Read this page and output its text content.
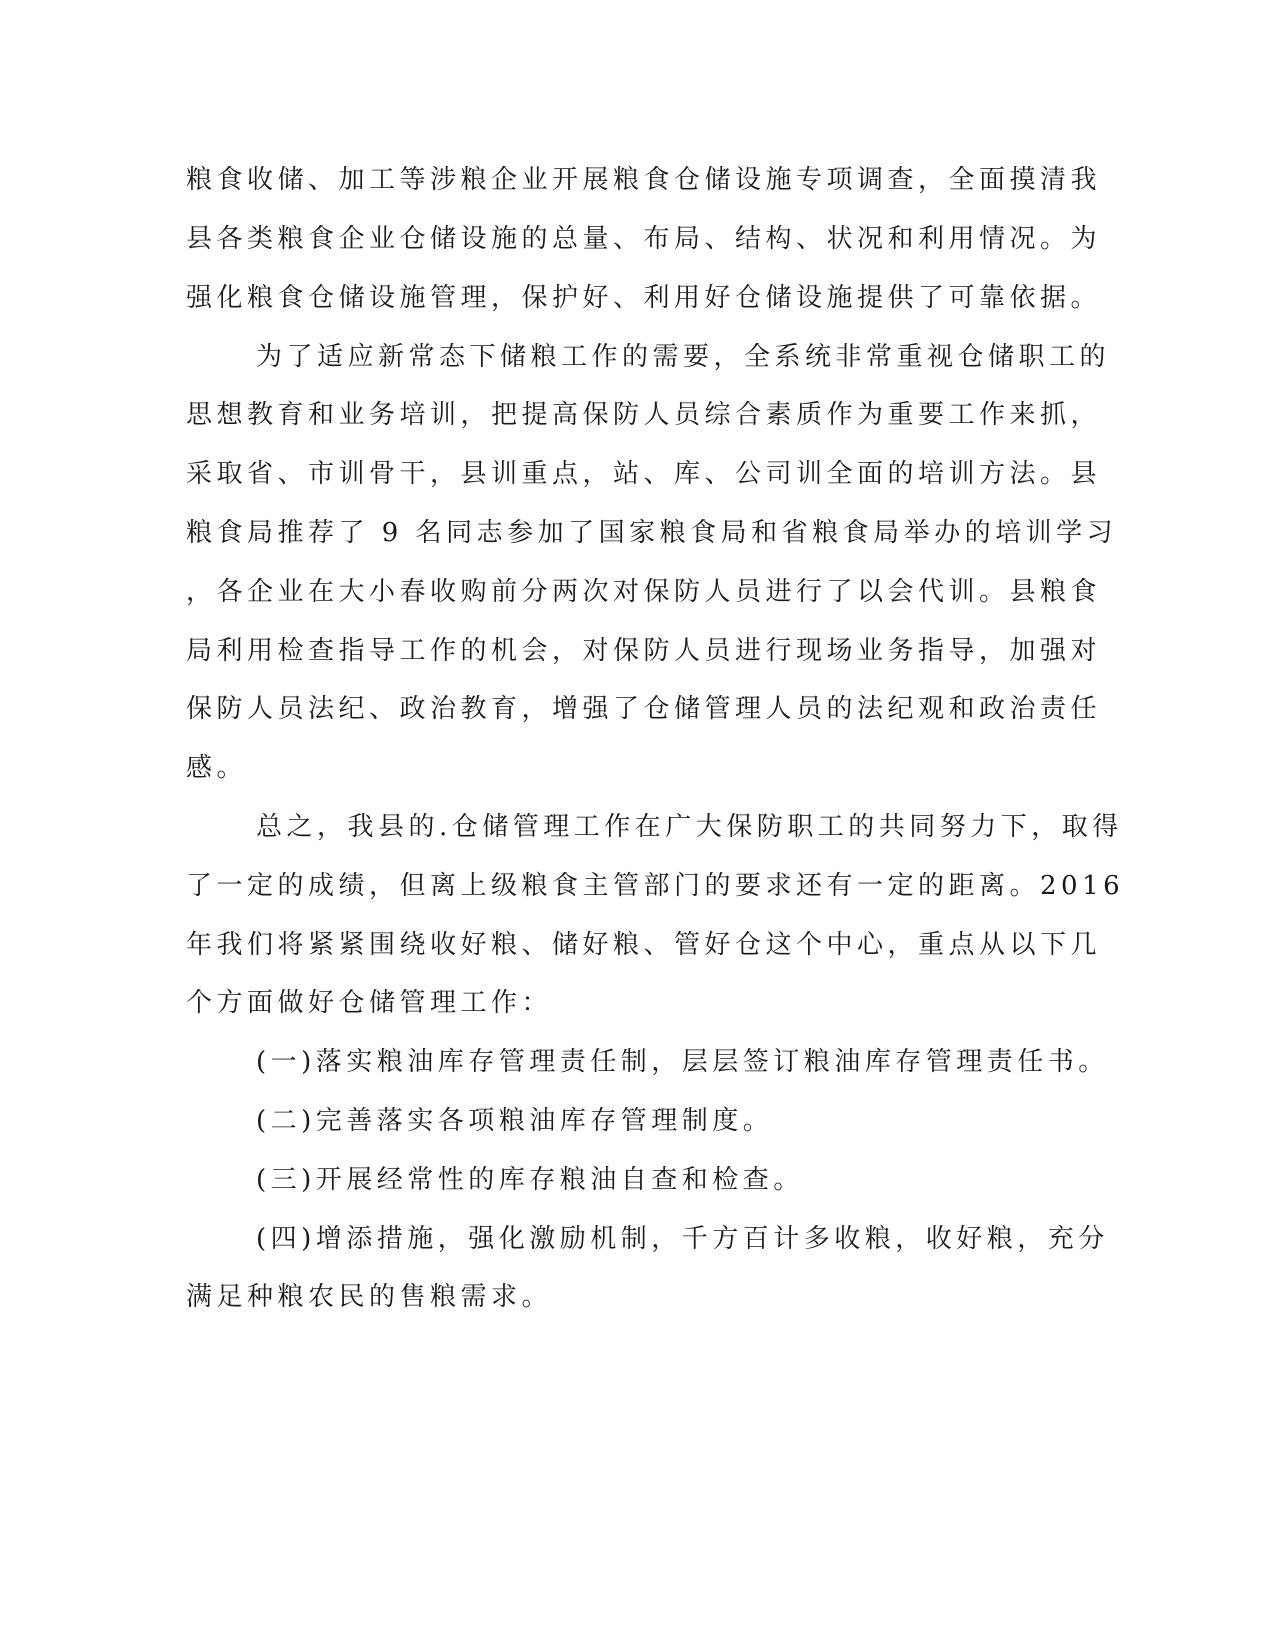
粮食收储、加工等涉粮企业开展粮食仓储设施专项调查，全面摸清我
县各类粮食企业仓储设施的总量、布局、结构、状况和利用情况。为
强化粮食仓储设施管理，保护好、利用好仓储设施提供了可靠依据。
为了适应新常态下储粮工作的需要，全系统非常重视仓储职工的
思想教育和业务培训，把提高保防人员综合素质作为重要工作来抓，
采取省、市训骨干，县训重点，站、库、公司训全面的培训方法。县
粮食局推荐了 9 名同志参加了国家粮食局和省粮食局举办的培训学习
，各企业在大小春收购前分两次对保防人员进行了以会代训。县粮食
局利用检查指导工作的机会，对保防人员进行现场业务指导，加强对
保防人员法纪、政治教育，增强了仓储管理人员的法纪观和政治责任
感。
总之，我县的.仓储管理工作在广大保防职工的共同努力下，取得
了一定的成绩，但离上级粮食主管部门的要求还有一定的距离。2016
年我们将紧紧围绕收好粮、储好粮、管好仓这个中心，重点从以下几
个方面做好仓储管理工作：
(一)落实粮油库存管理责任制，层层签订粮油库存管理责任书。
(二)完善落实各项粮油库存管理制度。
(三)开展经常性的库存粮油自查和检查。
(四)增添措施，强化激励机制，千方百计多收粮，收好粮，充分
满足种粮农民的售粮需求。
